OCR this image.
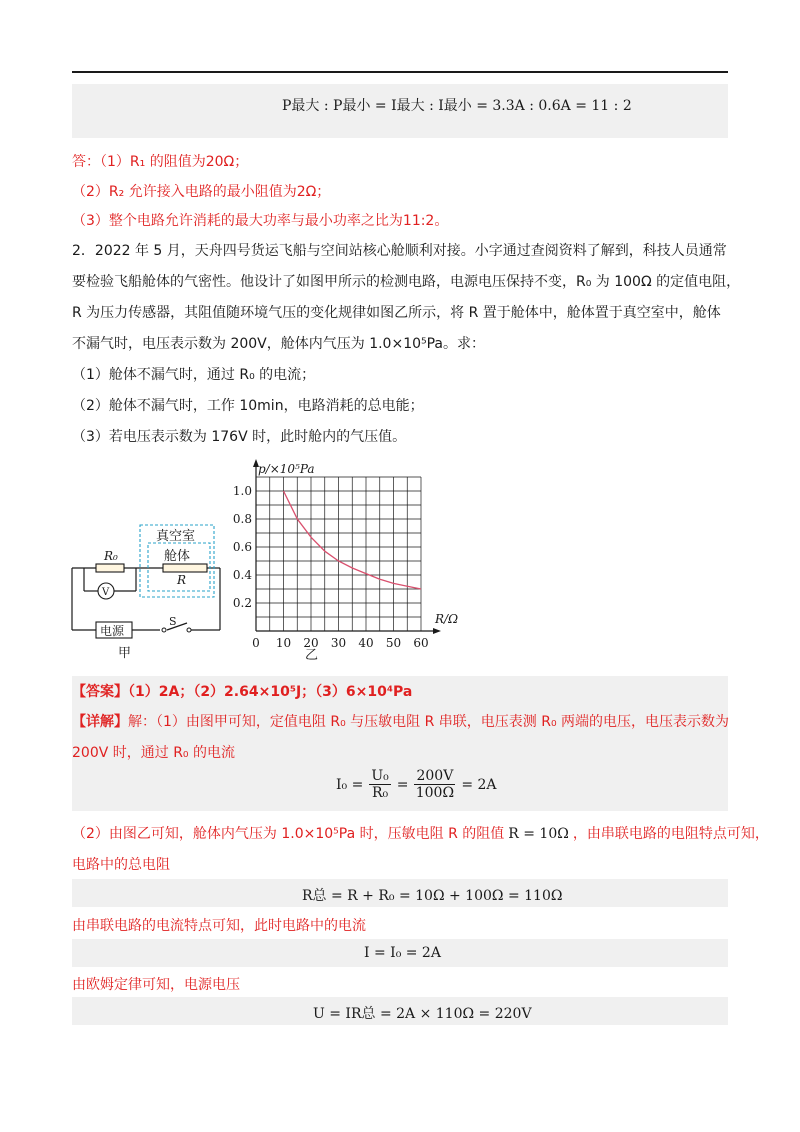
P最大 : P最小 = I最大 : I最小 = 3.3A : 0.6A = 11 : 2
答：（1）R₁ 的阻值为20Ω；
（2）R₂ 允许接入电路的最小阻值为2Ω；
（3）整个电路允许消耗的最大功率与最小功率之比为11:2。
2．2022 年 5 月，天舟四号货运飞船与空间站核心舱顺利对接。小字通过查阅资料了解到，科技人员通常
要检验飞船舱体的气密性。他设计了如图甲所示的检测电路，电源电压保持不变，R₀ 为 100Ω 的定值电阻，
R 为压力传感器，其阻值随环境气压的变化规律如图乙所示，将 R 置于舱体中，舱体置于真空室中，舱体
不漏气时，电压表示数为 200V，舱体内气压为 1.0×10⁵Pa。求：
（1）舱体不漏气时，通过 R₀ 的电流；
（2）舱体不漏气时，工作 10min，电路消耗的总电能；
（3）若电压表示数为 176V 时，此时舱内的气压值。
真空室
舱体
R
R₀
V
S
电源
甲
0 10 20 30 40 50 60
0.2
0.4
0.6
0.8
1.0
p/×10⁵Pa
R/Ω
乙
【答案】（1）2A；（2）2.64×10⁵J；（3）6×10⁴Pa
【详解】解：（1）由图甲可知，定值电阻 R₀ 与压敏电阻 R 串联，电压表测 R₀ 两端的电压，电压表示数为
200V 时，通过 R₀ 的电流
$I_0 = \frac{\text{U₀}}{\text{R₀}} = \frac{200V}{100\Omega} = 2A$
（2）由图乙可知，舱体内气压为 1.0×10⁵Pa 时，压敏电阻 R 的阻值 R = 10Ω ，由串联电路的电阻特点可知，
电路中的总电阻
R总 = R + R₀ = 10Ω + 100Ω = 110Ω
由串联电路的电流特点可知，此时电路中的电流
I = I₀ = 2A
由欧姆定律可知，电源电压
U = IR总 = 2A × 110Ω = 220V
